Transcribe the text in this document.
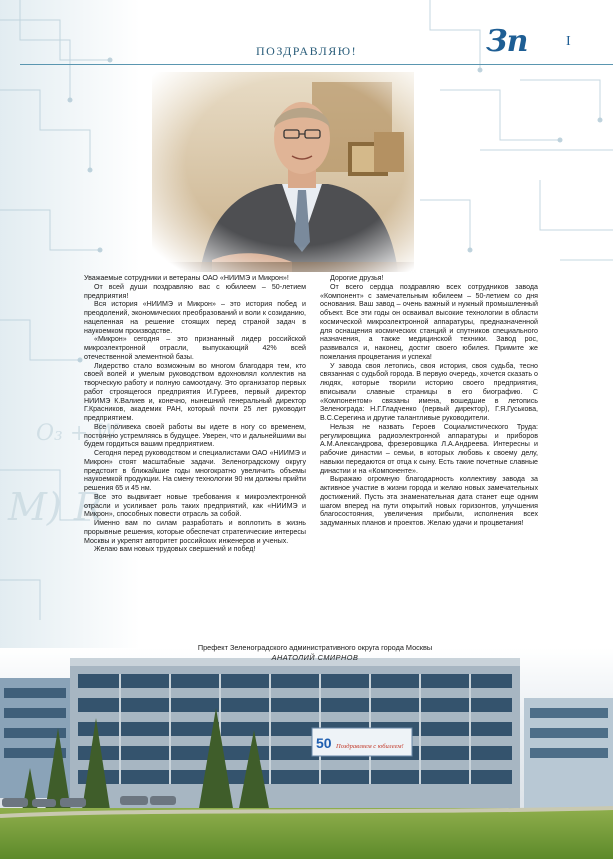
M) R
O₃ + W
ПОЗДРАВЛЯЮ!	Зп	I

Уважаемые сотрудники и ветераны ОАО «НИИМЭ и Микрон»!

От всей души поздравляю вас с юбилеем – 50-летием предприятия!

Вся история «НИИМЭ и Микрон» – это история побед и преодолений, экономических преобразований и воли к созиданию, нацеленная на решение стоящих перед страной задач в наукоемком производстве.

«Микрон» сегодня – это признанный лидер российской микроэлектронной отрасли, выпускающий 42% всей отечественной элементной базы.

Лидерство стало возможным во многом благодаря тем, кто своей волей и умелым руководством вдохновлял коллектив на творческую работу и полную самоотдачу. Это организатор первых работ строящегося предприятия И.Гуреев, первый директор НИИМЭ К.Валиев и, конечно, нынешний генеральный директор Г.Красников, академик РАН, который почти 25 лет руководит предприятием.

Все поливека своей работы вы идете в ногу со временем, постоянно устремляясь в будущее. Уверен, что и дальнейшими вы будем гордиться вашим предприятием.

Сегодня перед руководством и специалистами ОАО «НИИМЭ и Микрон» стоят масштабные задачи. Зеленоградскому округу предстоит в ближайшие годы многократно увеличить объемы наукоемкой продукции. На смену технологии 90 нм должны прийти решения 65 и 45 нм.

Все это выдвигает новые требования к микроэлектронной отрасли и усиливает роль таких предприятий, как «НИИМЭ и Микрон», способных повести отрасль за собой.

Именно вам по силам разработать и воплотить в жизнь прорывные решения, которые обеспечат стратегические интересы Москвы и укрепят авторитет российских инженеров и ученых.

Желаю вам новых трудовых свершений и побед!

Дорогие друзья!

От всего сердца поздравляю всех сотрудников завода «Компонент» с замечательным юбилеем – 50-летием со дня основания. Ваш завод – очень важный и нужный промышленный объект. Все эти годы он осваивал высокие технологии в области космической микроэлектронной аппаратуры, предназначенной для оснащения космических станций и спутников специального назначения, а также медицинской техники. Завод рос, развивался и, наконец, достиг своего юбилея. Примите же пожелания процветания и успеха!

У завода своя летопись, своя история, своя судьба, тесно связанная с судьбой города. В первую очередь, хочется сказать о людях, которые творили историю своего предприятия, вписывали славные страницы в его биографию. С «Компонентом» связаны имена, вошедшие в летопись Зеленограда: Н.Г.Гладченко (первый директор), Г.Я.Гуськова, В.С.Серегина и другие талантливые руководители.

Нельзя не назвать Героев Социалистического Труда: регулировщика радиоэлектронной аппаратуры и приборов А.М.Александрова, фрезеровщика Л.А.Андреева. Интересны и рабочие династии – семьи, в которых любовь к своему делу, навыки передаются от отца к сыну. Есть такие почетные славные династии и на «Компоненте».

Выражаю огромную благодарность коллективу завода за активное участие в жизни города и желаю новых замечательных достижений. Пусть эта знаменательная дата станет еще одним шагом вперед на пути открытий новых горизонтов, улучшения благосостояния, увеличения прибыли, исполнения всех задуманных планов и проектов. Желаю удачи и процветания!

50 Поздравляем с юбилеем!
Префект Зеленоградского административного округа города Москвы
АНАТОЛИЙ СМИРНОВ
